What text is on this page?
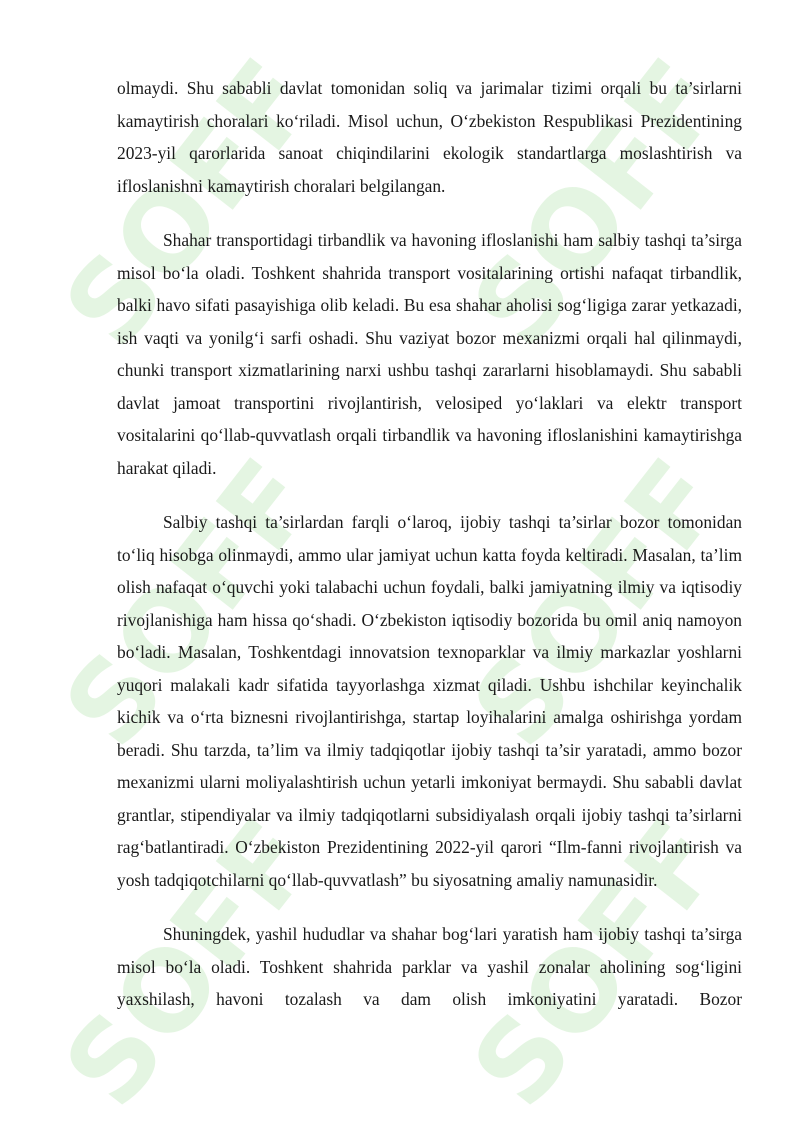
SOFF SOFF
SOFF SOFF
SOFF SOFF

olmaydi. Shu sababli davlat tomonidan soliq va jarimalar tizimi orqali bu ta’sirlarni kamaytirish choralari ko‘riladi. Misol uchun, O‘zbekiston Respublikasi Prezidentining 2023-yil qarorlarida sanoat chiqindilarini ekologik standartlarga moslashtirish va ifloslanishni kamaytirish choralari belgilangan.

Shahar transportidagi tirbandlik va havoning ifloslanishi ham salbiy tashqi ta’sirga misol bo‘la oladi. Toshkent shahrida transport vositalarining ortishi nafaqat tirbandlik, balki havo sifati pasayishiga olib keladi. Bu esa shahar aholisi sog‘ligiga zarar yetkazadi, ish vaqti va yonilg‘i sarfi oshadi. Shu vaziyat bozor mexanizmi orqali hal qilinmaydi, chunki transport xizmatlarining narxi ushbu tashqi zararlarni hisoblamaydi. Shu sababli davlat jamoat transportini rivojlantirish, velosiped yo‘laklari va elektr transport vositalarini qo‘llab-quvvatlash orqali tirbandlik va havoning ifloslanishini kamaytirishga harakat qiladi.

Salbiy tashqi ta’sirlardan farqli o‘laroq, ijobiy tashqi ta’sirlar bozor tomonidan to‘liq hisobga olinmaydi, ammo ular jamiyat uchun katta foyda keltiradi. Masalan, ta’lim olish nafaqat o‘quvchi yoki talabachi uchun foydali, balki jamiyatning ilmiy va iqtisodiy rivojlanishiga ham hissa qo‘shadi. O‘zbekiston iqtisodiy bozorida bu omil aniq namoyon bo‘ladi. Masalan, Toshkentdagi innovatsion texnoparklar va ilmiy markazlar yoshlarni yuqori malakali kadr sifatida tayyorlashga xizmat qiladi. Ushbu ishchilar keyinchalik kichik va o‘rta biznesni rivojlantirishga, startap loyihalarini amalga oshirishga yordam beradi. Shu tarzda, ta’lim va ilmiy tadqiqotlar ijobiy tashqi ta’sir yaratadi, ammo bozor mexanizmi ularni moliyalashtirish uchun yetarli imkoniyat bermaydi. Shu sababli davlat grantlar, stipendiyalar va ilmiy tadqiqotlarni subsidiyalash orqali ijobiy tashqi ta’sirlarni rag‘batlantiradi. O‘zbekiston Prezidentining 2022-yil qarori “Ilm-fanni rivojlantirish va yosh tadqiqotchilarni qo‘llab-quvvatlash” bu siyosatning amaliy namunasidir.

Shuningdek, yashil hududlar va shahar bog‘lari yaratish ham ijobiy tashqi ta’sirga misol bo‘la oladi. Toshkent shahrida parklar va yashil zonalar aholining sog‘ligini yaxshilash, havoni tozalash va dam olish imkoniyatini yaratadi. Bozor
